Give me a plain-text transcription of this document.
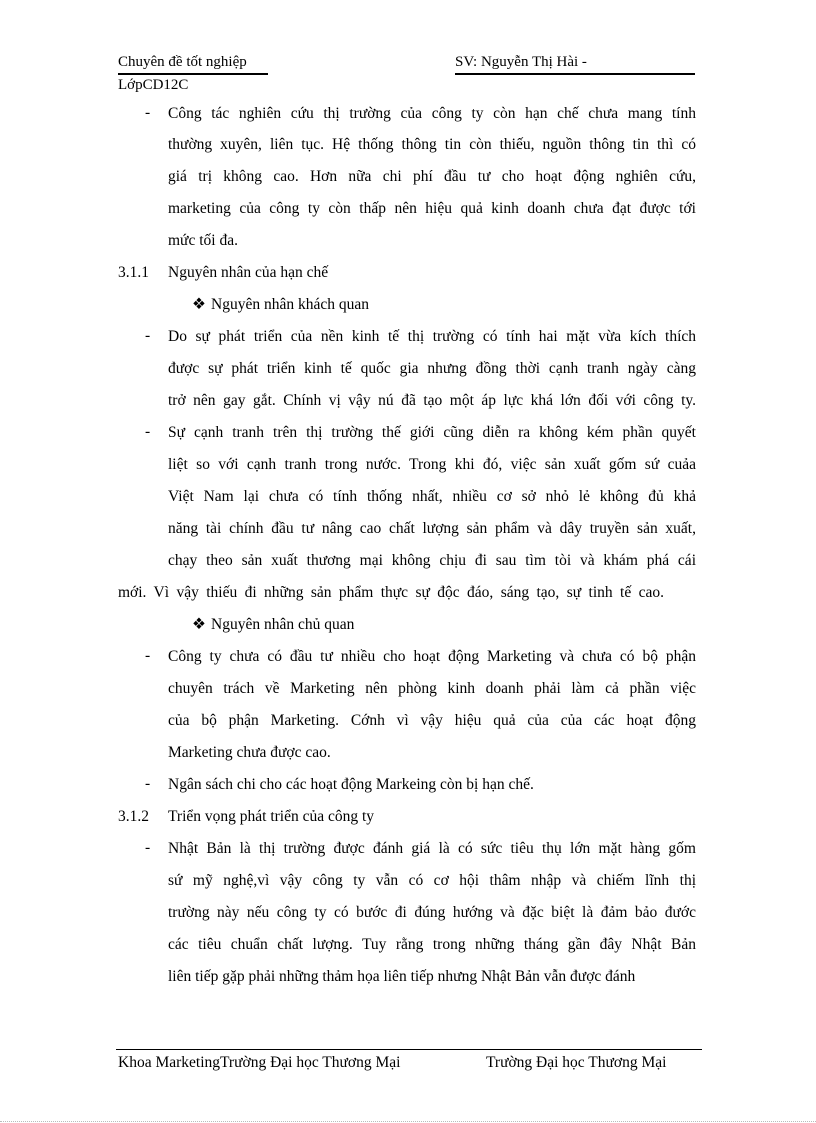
Chuyên đề tốt nghiệp	SV: Nguyễn Thị Hài -
LớpCD12C
- Công tác nghiên cứu thị trường của công ty còn hạn chế chưa mang tính
thường xuyên, liên tục. Hệ thống thông tin còn thiếu, nguồn thông tin thì có
giá trị không cao. Hơn nữa chi phí đầu tư cho hoạt động nghiên cứu,
marketing của công ty còn thấp nên hiệu quả kinh doanh chưa đạt được tới
mức tối đa.
3.1.1 Nguyên nhân của hạn chế
❖ Nguyên nhân khách quan
- Do sự phát triển của nền kinh tế thị trường có tính hai mặt vừa kích thích
được sự phát triển kinh tế quốc gia nhưng đồng thời cạnh tranh ngày càng
trở nên gay gắt. Chính vị vậy nú đã tạo một áp lực khá lớn đối với công ty.
- Sự cạnh tranh trên thị trường thế giới cũng diễn ra không kém phần quyết
liệt so với cạnh tranh trong nước. Trong khi đó, việc sản xuất gốm sứ cuảa
Việt Nam lại chưa có tính thống nhất, nhiều cơ sở nhỏ lẻ không đủ khả
năng tài chính đầu tư nâng cao chất lượng sản phẩm và dây truyền sản xuất,
chạy theo sản xuất thương mại không chịu đi sau tìm tòi và khám phá cái
mới. Vì vậy thiếu đi những sản phẩm thực sự độc đáo, sáng tạo, sự tinh tế cao.
❖ Nguyên nhân chủ quan
- Công ty chưa có đầu tư nhiều cho hoạt động Marketing và chưa có bộ phận
chuyên trách về Marketing nên phòng kinh doanh phải làm cả phần việc
của bộ phận Marketing. Cớnh vì vậy hiệu quả của của các hoạt động
Marketing chưa được cao.
- Ngân sách chi cho các hoạt động Markeing còn bị hạn chế.
3.1.2 Triển vọng phát triển của công ty
- Nhật Bản là thị trường được đánh giá là có sức tiêu thụ lớn mặt hàng gốm
sứ mỹ nghệ,vì vậy công ty vẫn có cơ hội thâm nhập và chiếm lĩnh thị
trường này nếu công ty có bước đi đúng hướng và đặc biệt là đảm bảo đước
các tiêu chuẩn chất lượng. Tuy rằng trong những tháng gần đây Nhật Bản
liên tiếp gặp phải những thảm họa liên tiếp nhưng Nhật Bản vẫn được đánh
Khoa MarketingTrường Đại học Thương Mại	Trường Đại học Thương Mại
